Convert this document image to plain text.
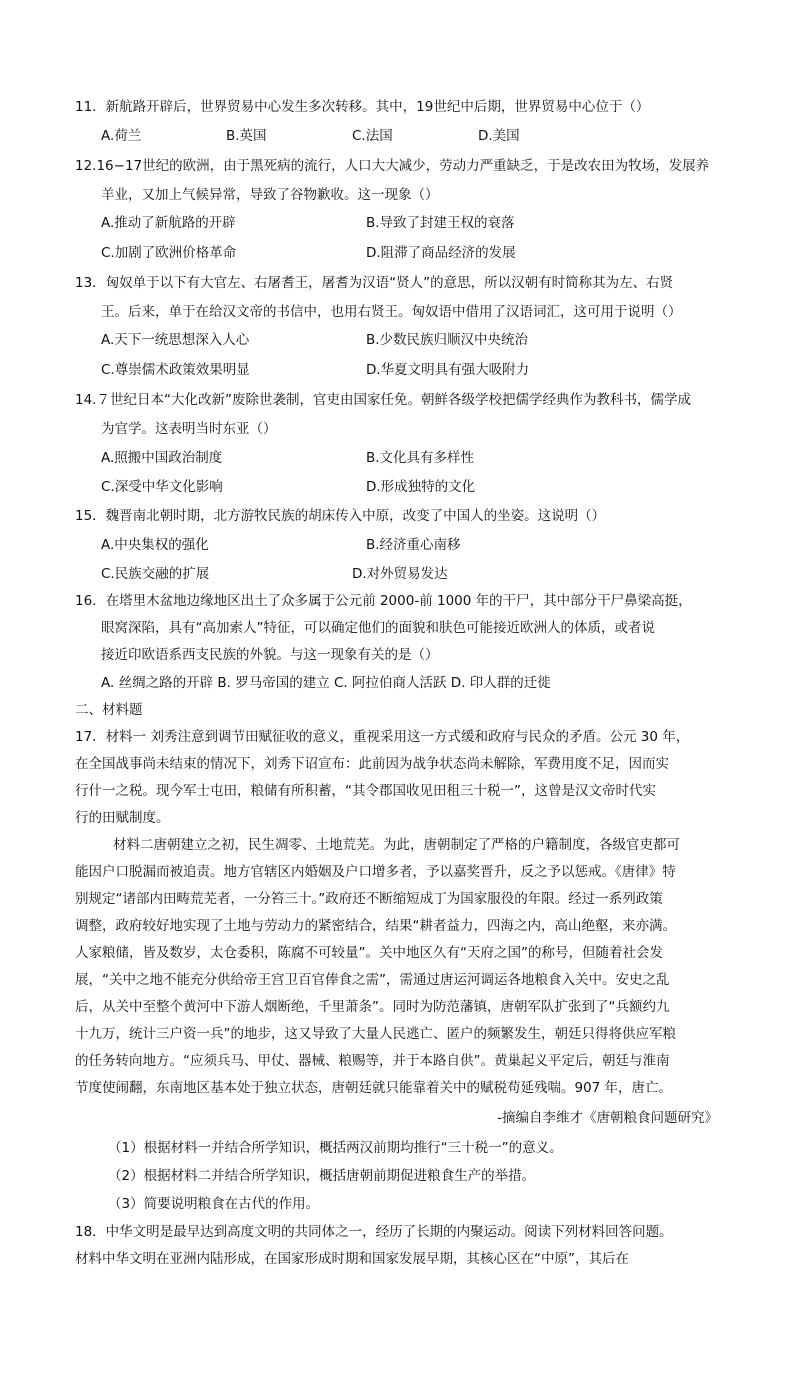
11．新航路开辟后，世界贸易中心发生多次转移。其中，19世纪中后期，世界贸易中心位于（）
A.荷兰	B.英国	C.法国	D.美国
12.16−17世纪的欧洲，由于黑死病的流行，人口大大减少，劳动力严重缺乏，于是改农田为牧场，发展养
羊业，又加上气候异常，导致了谷物歉收。这一现象（）
A.推动了新航路的开辟	B.导致了封建王权的衰落
C.加剧了欧洲价格革命	D.阻滞了商品经济的发展
13．匈奴单于以下有大官左、右屠耆王，屠耆为汉语“贤人”的意思，所以汉朝有时简称其为左、右贤
王。后来，单于在给汉文帝的书信中，也用右贤王。匈奴语中借用了汉语词汇，这可用于说明（）
A.天下一统思想深入人心	B.少数民族归顺汉中央统治
C.尊崇儒术政策效果明显	D.华夏文明具有强大吸附力
14.７世纪日本“大化改新”废除世袭制，官吏由国家任免。朝鲜各级学校把儒学经典作为教科书，儒学成
为官学。这表明当时东亚（）
A.照搬中国政治制度	B.文化具有多样性
C.深受中华文化影响	D.形成独特的文化
15．魏晋南北朝时期，北方游牧民族的胡床传入中原，改变了中国人的坐姿。这说明（）
A.中央集权的强化	B.经济重心南移
C.民族交融的扩展	D.对外贸易发达
16．在塔里木盆地边缘地区出土了众多属于公元前 2000-前 1000 年的干尸，其中部分干尸鼻梁高挺，
眼窝深陷，具有“高加索人”特征，可以确定他们的面貌和肤色可能接近欧洲人的体质，或者说
接近印欧语系西支民族的外貌。与这一现象有关的是（）
A. 丝绸之路的开辟 B. 罗马帝国的建立 C. 阿拉伯商人活跃 D. 印人群的迁徙
二、材料题
17．材料一 刘秀注意到调节田赋征收的意义，重视采用这一方式缓和政府与民众的矛盾。公元 30 年，
在全国战事尚未结束的情况下，刘秀下诏宣布：此前因为战争状态尚未解除，军费用度不足，因而实
行什一之税。现今军士屯田，粮储有所积蓄，“其令郡国收见田租三十税一”，这曾是汉文帝时代实
行的田赋制度。
材料二唐朝建立之初，民生凋零、土地荒芜。为此，唐朝制定了严格的户籍制度，各级官吏都可
能因户口脱漏而被追责。地方官辖区内婚姻及户口增多者，予以嘉奖晋升，反之予以惩戒。《唐律》特
别规定“诸部内田畴荒芜者，一分笞三十。”政府还不断缩短成丁为国家服役的年限。经过一系列政策
调整，政府较好地实现了土地与劳动力的紧密结合，结果“耕者益力，四海之内，高山绝壑，来亦满。
人家粮储，皆及数岁，太仓委积，陈腐不可较量”。关中地区久有“天府之国”的称号，但随着社会发
展，“关中之地不能充分供给帝王宫卫百官俸食之需”，需通过唐运河调运各地粮食入关中。安史之乱
后，从关中至整个黄河中下游人烟断绝，千里萧条”。同时为防范藩镇，唐朝军队扩张到了“兵额约九
十九万，统计三户资一兵”的地步，这又导致了大量人民逃亡、匿户的频繁发生，朝廷只得将供应军粮
的任务转向地方。“应须兵马、甲仗、器械、粮赐等，并于本路自供”。黄巢起义平定后，朝廷与淮南
节度使闹翻，东南地区基本处于独立状态，唐朝廷就只能靠着关中的赋税苟延残喘。907 年，唐亡。
-摘编自李维才《唐朝粮食问题研究》
（1）根据材料一并结合所学知识，概括两汉前期均推行“三十税一”的意义。
（2）根据材料二并结合所学知识，概括唐朝前期促进粮食生产的举措。
（3）简要说明粮食在古代的作用。
18．中华文明是最早达到高度文明的共同体之一，经历了长期的内聚运动。阅读下列材料回答问题。
材料中华文明在亚洲内陆形成，在国家形成时期和国家发展早期，其核心区在“中原”，其后在
